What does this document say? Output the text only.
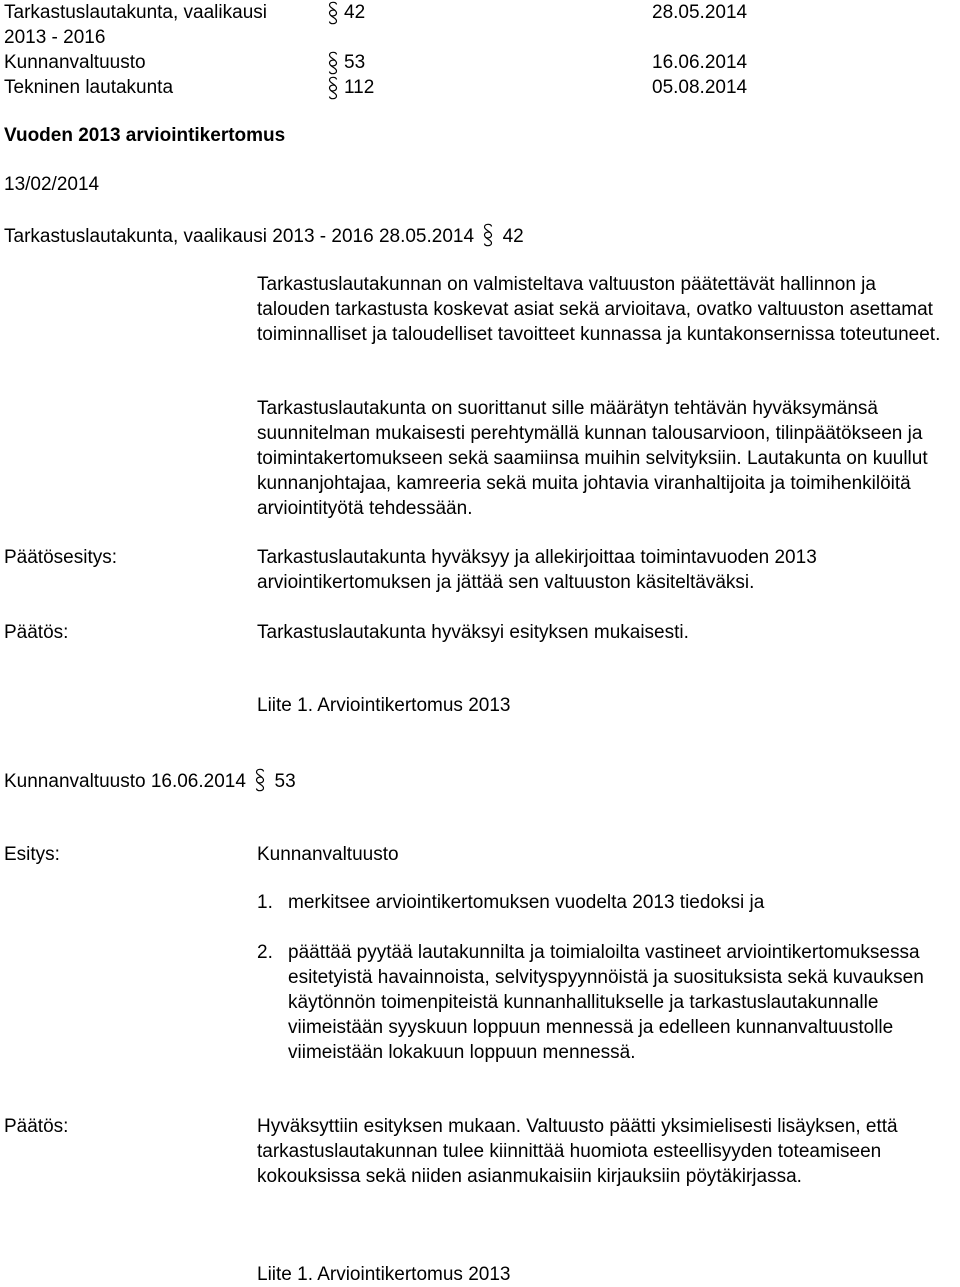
Tarkastuslautakunta, vaalikausi	42	28.05.2014
2013 - 2016
Kunnanvaltuusto	53	16.06.2014
Tekninen lautakunta	112	05.08.2014
Vuoden 2013 arviointikertomus
13/02/2014
Tarkastuslautakunta, vaalikausi 2013 - 2016 28.05.2014 42
Tarkastuslautakunnan on valmisteltava valtuuston päätettävät hallinnon ja talouden tarkastusta koskevat asiat sekä arvioitava, ovatko valtuuston asettamat toiminnalliset ja taloudelliset tavoitteet kunnassa ja kuntakonsernissa toteutuneet.
Tarkastuslautakunta on suorittanut sille määrätyn tehtävän hyväksymänsä suunnitelman mukaisesti perehtymällä kunnan talousarvioon, tilinpäätökseen ja toimintakertomukseen sekä saamiinsa muihin selvityksiin. Lautakunta on kuullut kunnanjohtajaa, kamreeria sekä muita johtavia viranhaltijoita ja toimihenkilöitä arviointityötä tehdessään.
Päätösesitys:	Tarkastuslautakunta hyväksyy ja allekirjoittaa toimintavuoden 2013 arviointikertomuksen ja jättää sen valtuuston käsiteltäväksi.
Päätös:	Tarkastuslautakunta hyväksyi esityksen mukaisesti.
Liite 1. Arviointikertomus 2013
Kunnanvaltuusto 16.06.2014 53
Esitys:	Kunnanvaltuusto
1. merkitsee arviointikertomuksen vuodelta 2013 tiedoksi ja
2. päättää pyytää lautakunnilta ja toimialoilta vastineet arviointikertomuksessa esitetyistä havainnoista, selvityspyynnöistä ja suosituksista sekä kuvauksen käytönnön toimenpiteistä kunnanhallitukselle ja tarkastuslautakunnalle viimeistään syyskuun loppuun mennessä ja edelleen kunnanvaltuustolle viimeistään lokakuun loppuun mennessä.
Päätös:	Hyväksyttiin esityksen mukaan. Valtuusto päätti yksimielisesti lisäyksen, että tarkastuslautakunnan tulee kiinnittää huomiota esteellisyyden toteamiseen kokouksissa sekä niiden asianmukaisiin kirjauksiin pöytäkirjassa.
Liite 1. Arviointikertomus 2013
